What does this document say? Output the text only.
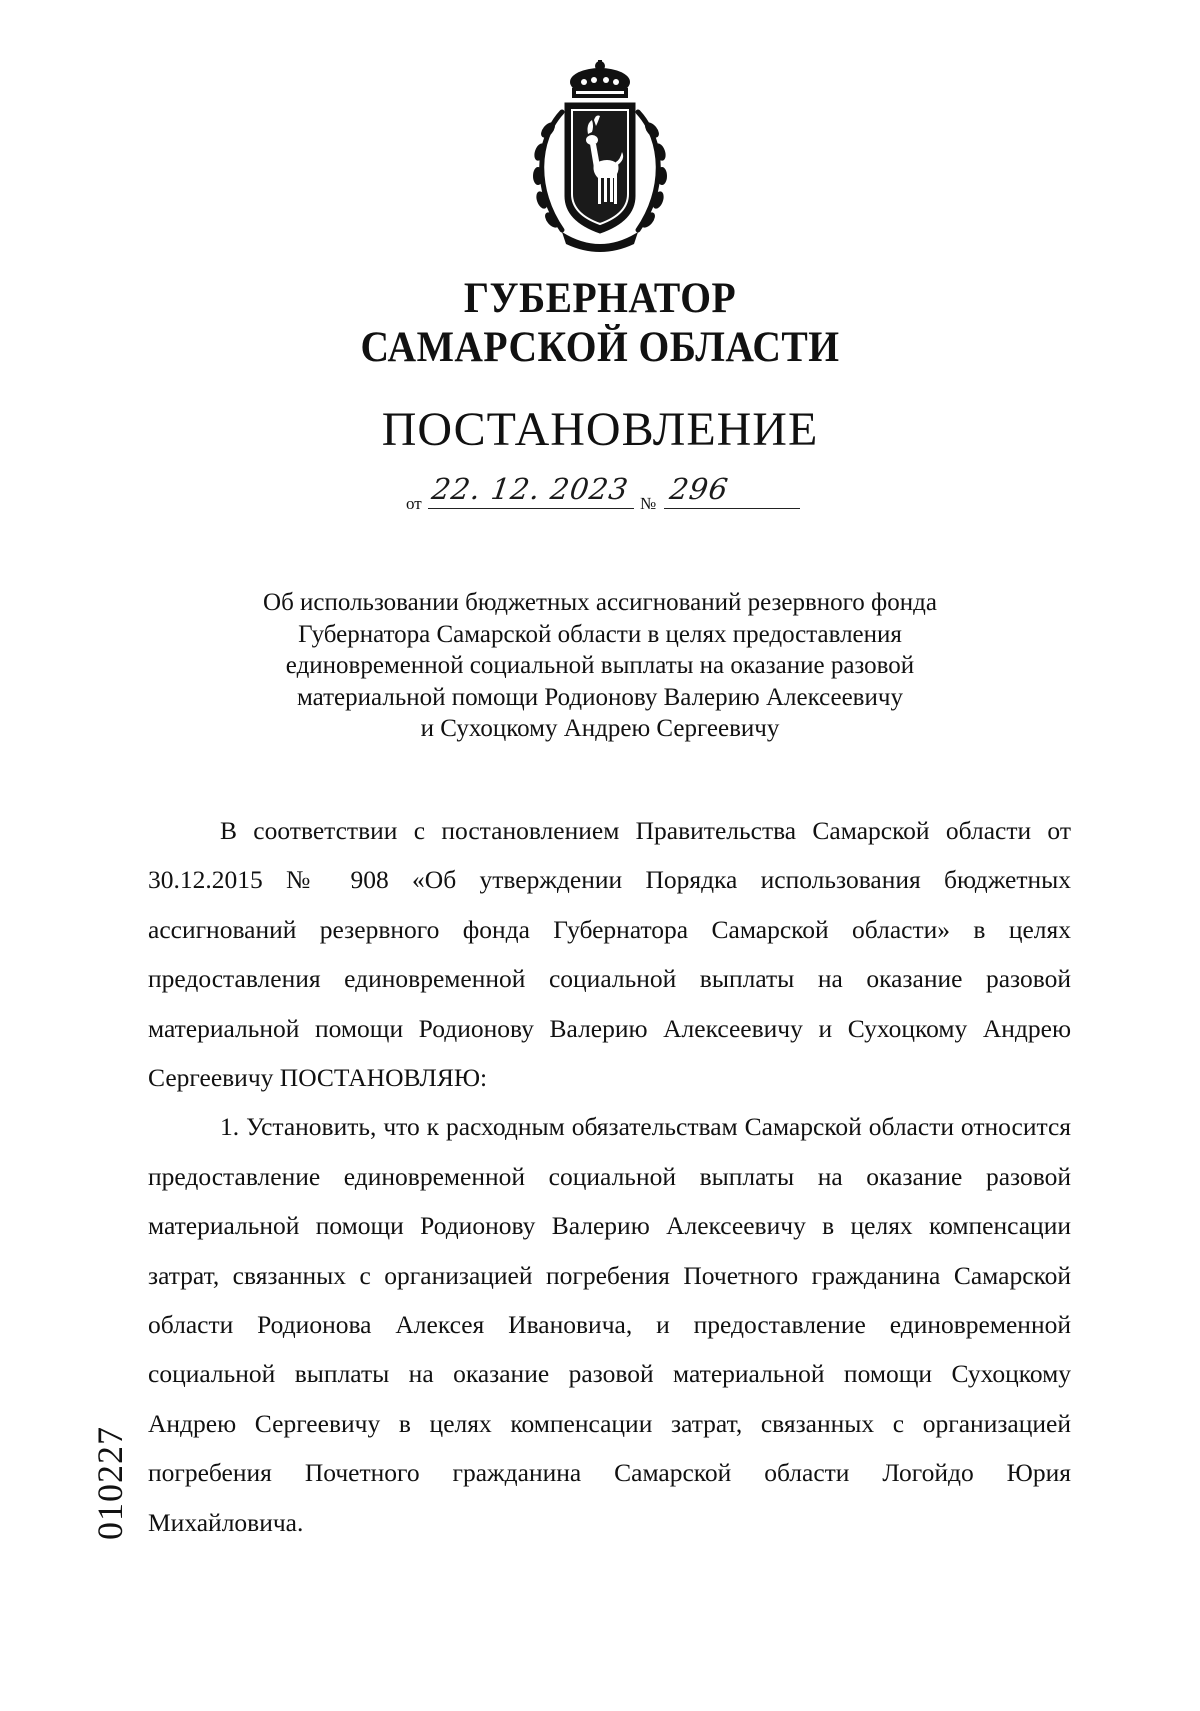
ГУБЕРНАТОР
САМАРСКОЙ ОБЛАСТИ
ПОСТАНОВЛЕНИЕ
от 22. 12. 2023 № 296
Об использовании бюджетных ассигнований резервного фонда
Губернатора Самарской области в целях предоставления
единовременной социальной выплаты на оказание разовой
материальной помощи Родионову Валерию Алексеевичу
и Сухоцкому Андрею Сергеевичу

В соответствии с постановлением Правительства Самарской области от 30.12.2015 № 908 «Об утверждении Порядка использования бюджетных ассигнований резервного фонда Губернатора Самарской области» в целях предоставления единовременной социальной выплаты на оказание разовой материальной помощи Родионову Валерию Алексеевичу и Сухоцкому Андрею Сергеевичу ПОСТАНОВЛЯЮ:

1. Установить, что к расходным обязательствам Самарской области относится предоставление единовременной социальной выплаты на оказание разовой материальной помощи Родионову Валерию Алексеевичу в целях компенсации затрат, связанных с организацией погребения Почетного гражданина Самарской области Родионова Алексея Ивановича, и предоставление единовременной социальной выплаты на оказание разовой материальной помощи Сухоцкому Андрею Сергеевичу в целях компенсации затрат, связанных с организацией погребения Почетного гражданина Самарской области Логойдо Юрия Михайловича.

010227
